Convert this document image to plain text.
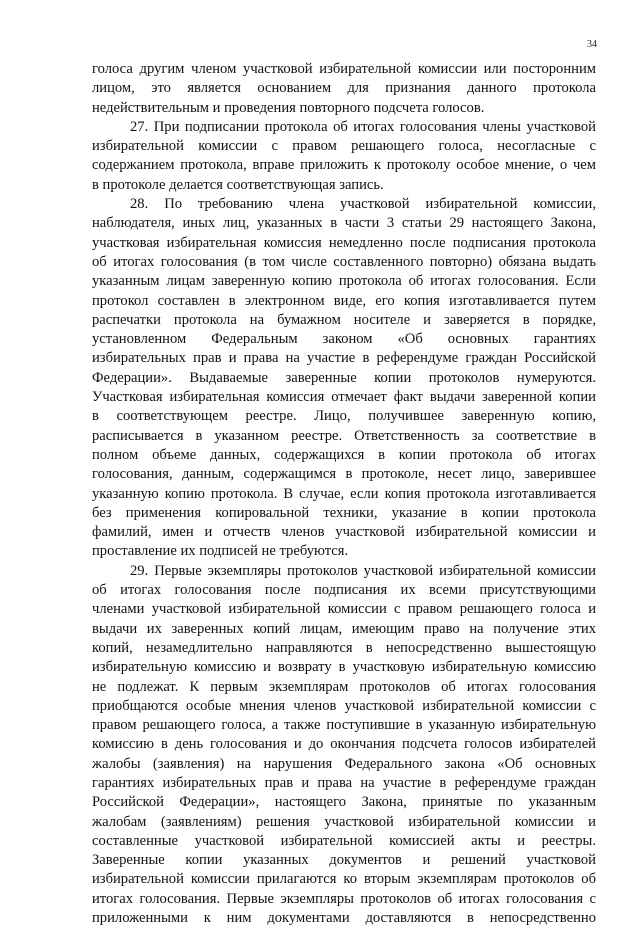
34
голоса другим членом участковой избирательной комиссии или посторонним
лицом, это является основанием для признания данного протокола
недействительным и проведения повторного подсчета голосов.
27. При подписании протокола об итогах голосования члены участковой
избирательной комиссии с правом решающего голоса, несогласные с
содержанием протокола, вправе приложить к протоколу особое мнение, о чем
в протоколе делается соответствующая запись.
28. По требованию члена участковой избирательной комиссии,
наблюдателя, иных лиц, указанных в части 3 статьи 29 настоящего Закона,
участковая избирательная комиссия немедленно после подписания протокола
об итогах голосования (в том числе составленного повторно) обязана выдать
указанным лицам заверенную копию протокола об итогах голосования. Если
протокол составлен в электронном виде, его копия изготавливается путем
распечатки протокола на бумажном носителе и заверяется в порядке,
установленном Федеральным законом «Об основных гарантиях
избирательных прав и права на участие в референдуме граждан Российской
Федерации». Выдаваемые заверенные копии протоколов нумеруются.
Участковая избирательная комиссия отмечает факт выдачи заверенной копии
в соответствующем реестре. Лицо, получившее заверенную копию,
расписывается в указанном реестре. Ответственность за соответствие в
полном объеме данных, содержащихся в копии протокола об итогах
голосования, данным, содержащимся в протоколе, несет лицо, заверившее
указанную копию протокола. В случае, если копия протокола изготавливается
без применения копировальной техники, указание в копии протокола
фамилий, имен и отчеств членов участковой избирательной комиссии и
проставление их подписей не требуются.
29. Первые экземпляры протоколов участковой избирательной комиссии
об итогах голосования после подписания их всеми присутствующими
членами участковой избирательной комиссии с правом решающего голоса и
выдачи их заверенных копий лицам, имеющим право на получение этих
копий, незамедлительно направляются в непосредственно вышестоящую
избирательную комиссию и возврату в участковую избирательную комиссию
не подлежат. К первым экземплярам протоколов об итогах голосования
приобщаются особые мнения членов участковой избирательной комиссии с
правом решающего голоса, а также поступившие в указанную избирательную
комиссию в день голосования и до окончания подсчета голосов избирателей
жалобы (заявления) на нарушения Федерального закона «Об основных
гарантиях избирательных прав и права на участие в референдуме граждан
Российской Федерации», настоящего Закона, принятые по указанным
жалобам (заявлениям) решения участковой избирательной комиссии и
составленные участковой избирательной комиссией акты и реестры.
Заверенные копии указанных документов и решений участковой
избирательной комиссии прилагаются ко вторым экземплярам протоколов об
итогах голосования. Первые экземпляры протоколов об итогах голосования с
приложенными к ним документами доставляются в непосредственно
